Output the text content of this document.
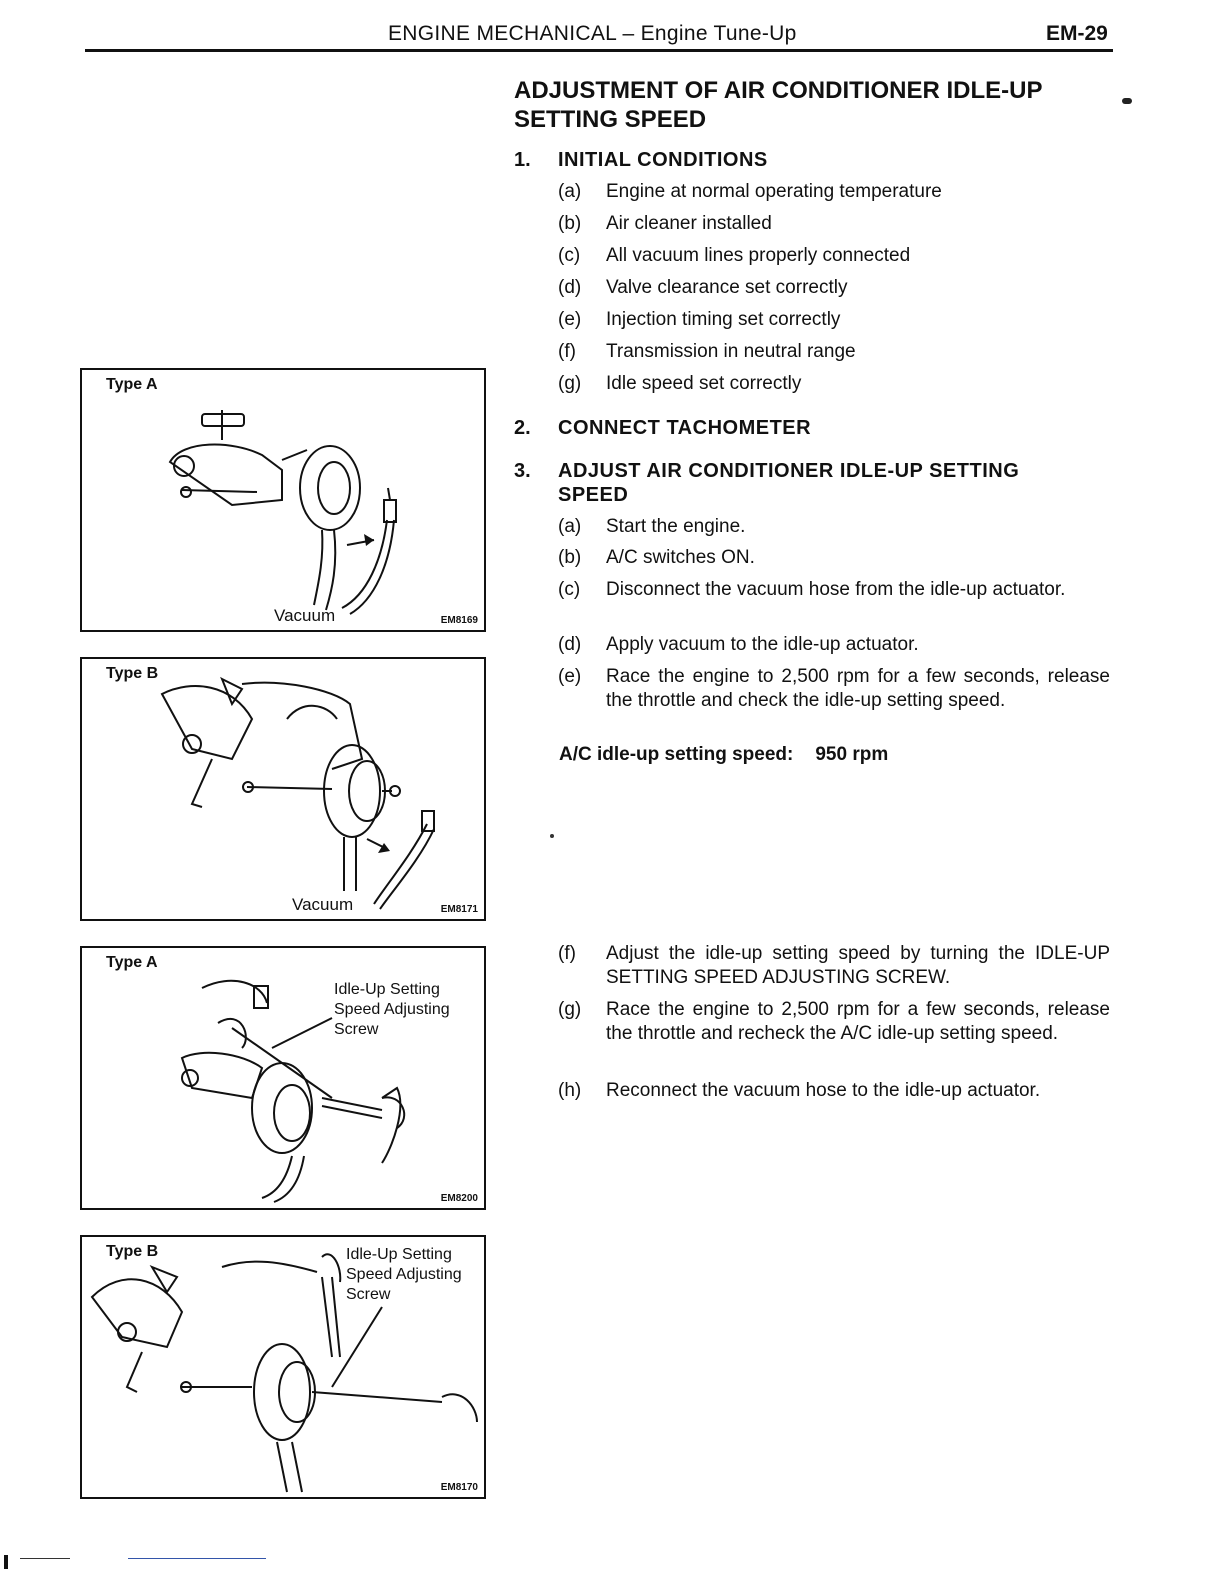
ENGINE MECHANICAL – Engine Tune-Up	EM-29
ADJUSTMENT OF AIR CONDITIONER IDLE-UP SETTING SPEED
1. INITIAL CONDITIONS
(a) Engine at normal operating temperature
(b) Air cleaner installed
(c) All vacuum lines properly connected
(d) Valve clearance set correctly
(e) Injection timing set correctly
(f) Transmission in neutral range
(g) Idle speed set correctly
2. CONNECT TACHOMETER
3. ADJUST AIR CONDITIONER IDLE-UP SETTING SPEED
(a) Start the engine.
(b) A/C switches ON.
(c) Disconnect the vacuum hose from the idle-up actuator.
(d) Apply vacuum to the idle-up actuator.
(e) Race the engine to 2,500 rpm for a few seconds, release the throttle and check the idle-up setting speed.
A/C idle-up setting speed: 950 rpm
(f) Adjust the idle-up setting speed by turning the IDLE-UP SETTING SPEED ADJUSTING SCREW.
(g) Race the engine to 2,500 rpm for a few seconds, release the throttle and recheck the A/C idle-up setting speed.
(h) Reconnect the vacuum hose to the idle-up actuator.
Type A
Vacuum	EM8169
Type B
Vacuum	EM8171
Type A
Idle-Up Setting Speed Adjusting Screw
EM8200
Type B	Idle-Up Setting Speed Adjusting Screw
EM8170
